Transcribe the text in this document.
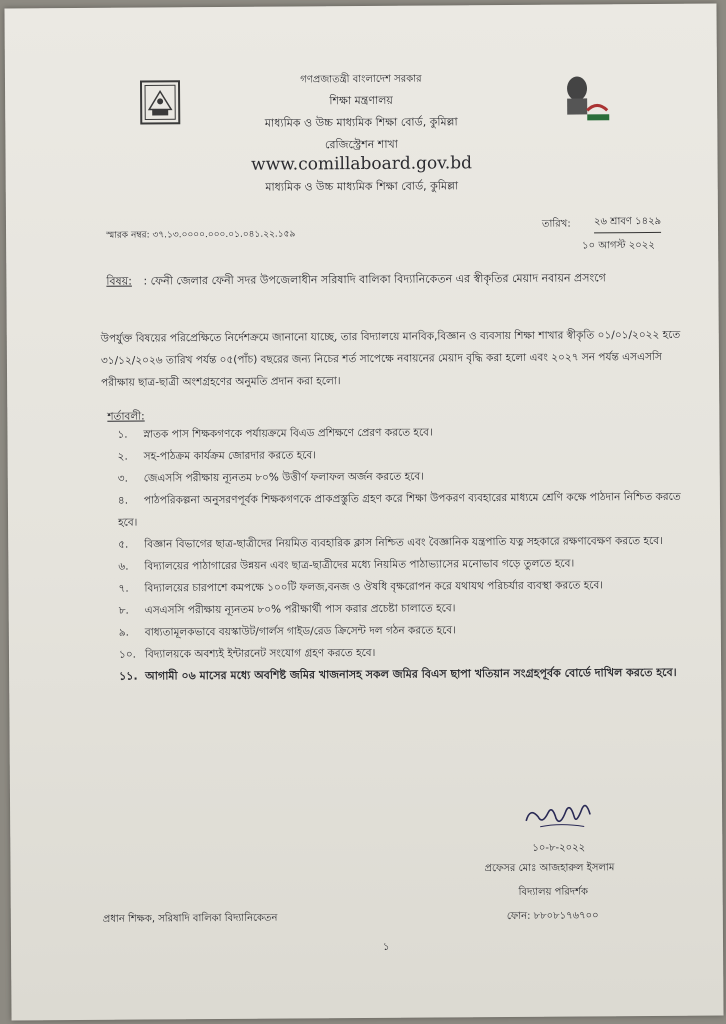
গণপ্রজাতন্ত্রী বাংলাদেশ সরকার
শিক্ষা মন্ত্রণালয়
মাধ্যমিক ও উচ্চ মাধ্যমিক শিক্ষা বোর্ড, কুমিল্লা
রেজিস্ট্রেশন শাখা
www.comillaboard.gov.bd
মাধ্যমিক ও উচ্চ মাধ্যমিক শিক্ষা বোর্ড, কুমিল্লা
স্মারক নম্বর: ৩৭.১৩.০০০০.০০০.০১.০৪১.২২.১৫৯
তারিখ: ২৬ শ্রাবণ ১৪২৯
১০ আগস্ট ২০২২
বিষয়: : ফেনী জেলার ফেনী সদর উপজেলাধীন সরিষাদি বালিকা বিদ্যানিকেতন এর স্বীকৃতির মেয়াদ নবায়ন প্রসংগে
উপর্যুক্ত বিষয়ের পরিপ্রেক্ষিতে নির্দেশক্রমে জানানো যাচ্ছে, তার বিদ্যালয়ে মানবিক,বিজ্ঞান ও ব্যবসায় শিক্ষা শাখার স্বীকৃতি ০১/০১/২০২২ হতে ৩১/১২/২০২৬ তারিখ পর্যন্ত ০৫(পাঁচ) বছরের জন্য নিচের শর্ত সাপেক্ষে নবায়নের মেয়াদ বৃদ্ধি করা হলো এবং ২০২৭ সন পর্যন্ত এসএসসি পরীক্ষায় ছাত্র-ছাত্রী অংশগ্রহণের অনুমতি প্রদান করা হলো।
শর্তাবলী:
১. স্নাতক পাস শিক্ষকগণকে পর্যায়ক্রমে বিএড প্রশিক্ষণে প্রেরণ করতে হবে।
২. সহ-পাঠক্রম কার্যক্রম জোরদার করতে হবে।
৩. জেএসসি পরীক্ষায় ন্যূনতম ৮০% উত্তীর্ণ ফলাফল অর্জন করতে হবে।
৪. পাঠপরিকল্পনা অনুসরণপূর্বক শিক্ষকগণকে প্রাকপ্রস্তুতি গ্রহণ করে শিক্ষা উপকরণ ব্যবহারের মাধ্যমে শ্রেণি কক্ষে পাঠদান নিশ্চিত করতে হবে।
৫. বিজ্ঞান বিভাগের ছাত্র-ছাত্রীদের নিয়মিত ব্যবহারিক ক্লাস নিশ্চিত এবং বৈজ্ঞানিক যন্ত্রপাতি যত্ন সহকারে রক্ষণাবেক্ষণ করতে হবে।
৬. বিদ্যালয়ের পাঠাগারের উন্নয়ন এবং ছাত্র-ছাত্রীদের মধ্যে নিয়মিত পাঠাভ্যাসের মনোভাব গড়ে তুলতে হবে।
৭. বিদ্যালয়ের চারপাশে কমপক্ষে ১০০টি ফলজ,বনজ ও ঔষধি বৃক্ষরোপন করে যথাযথ পরিচর্যার ব্যবস্থা করতে হবে।
৮. এসএসসি পরীক্ষায় ন্যূনতম ৮০% পরীক্ষার্থী পাস করার প্রচেষ্টা চালাতে হবে।
৯. বাধ্যতামূলকভাবে বয়স্কাউট/গার্লস গাইড/রেড ক্রিসেন্ট দল গঠন করতে হবে।
১০. বিদ্যালয়কে অবশ্যই ইন্টারনেট সংযোগ গ্রহণ করতে হবে।
১১. আগামী ০৬ মাসের মধ্যে অবশিষ্ট জমির খাজনাসহ সকল জমির বিএস ছাপা খতিয়ান সংগ্রহপূর্বক বোর্ডে দাখিল করতে হবে।
১০-৮-২০২২
প্রফেসর মোঃ আজহারুল ইসলাম
বিদ্যালয় পরিদর্শক
ফোন: ৮৮০৮১৭৬৭০০
প্রধান শিক্ষক, সরিষাদি বালিকা বিদ্যানিকেতন
১
